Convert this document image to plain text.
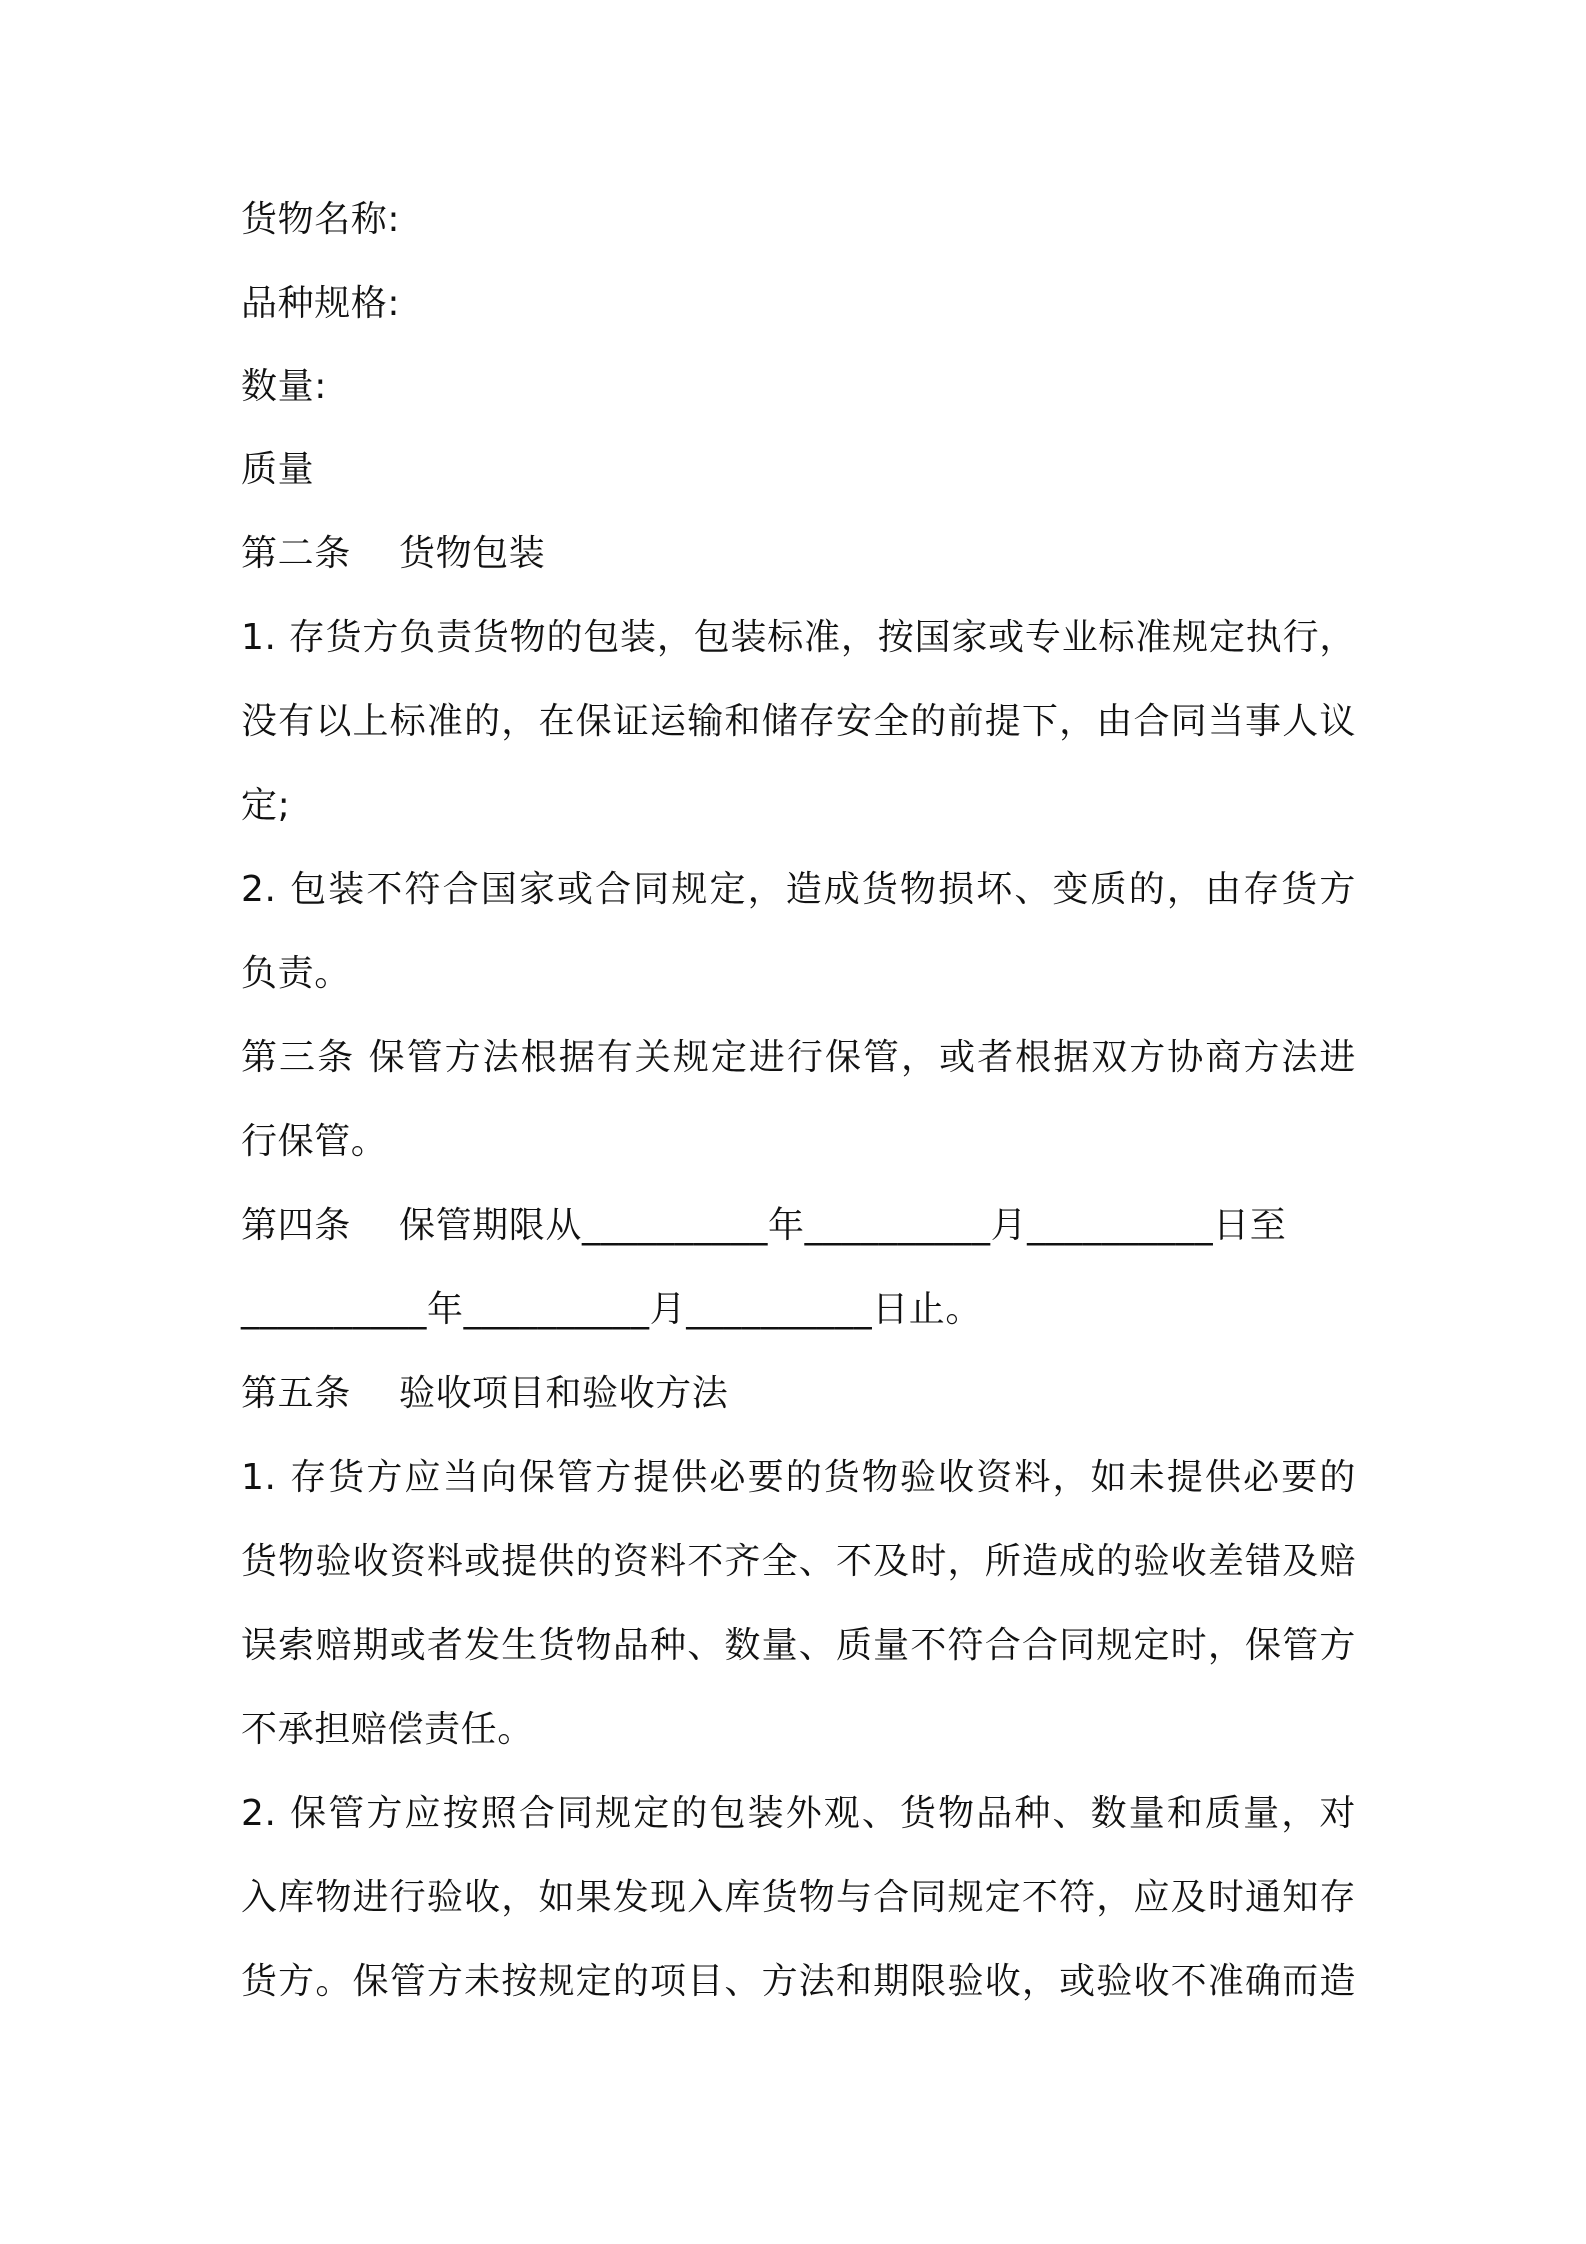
货物名称:
品种规格:
数量:
质量
第二条    货物包装
1. 存货方负责货物的包装，包装标准，按国家或专业标准规定执行，
没有以上标准的，在保证运输和储存安全的前提下，由合同当事人议
定;
2. 包装不符合国家或合同规定，造成货物损坏、变质的，由存货方
负责。
第三条 保管方法根据有关规定进行保管，或者根据双方协商方法进
行保管。
第四条    保管期限从__________年__________月__________日至
__________年__________月__________日止。
第五条    验收项目和验收方法
1. 存货方应当向保管方提供必要的货物验收资料，如未提供必要的
货物验收资料或提供的资料不齐全、不及时，所造成的验收差错及赔
误索赔期或者发生货物品种、数量、质量不符合合同规定时，保管方
不承担赔偿责任。
2. 保管方应按照合同规定的包装外观、货物品种、数量和质量，对
入库物进行验收，如果发现入库货物与合同规定不符，应及时通知存
货方。保管方未按规定的项目、方法和期限验收，或验收不准确而造
